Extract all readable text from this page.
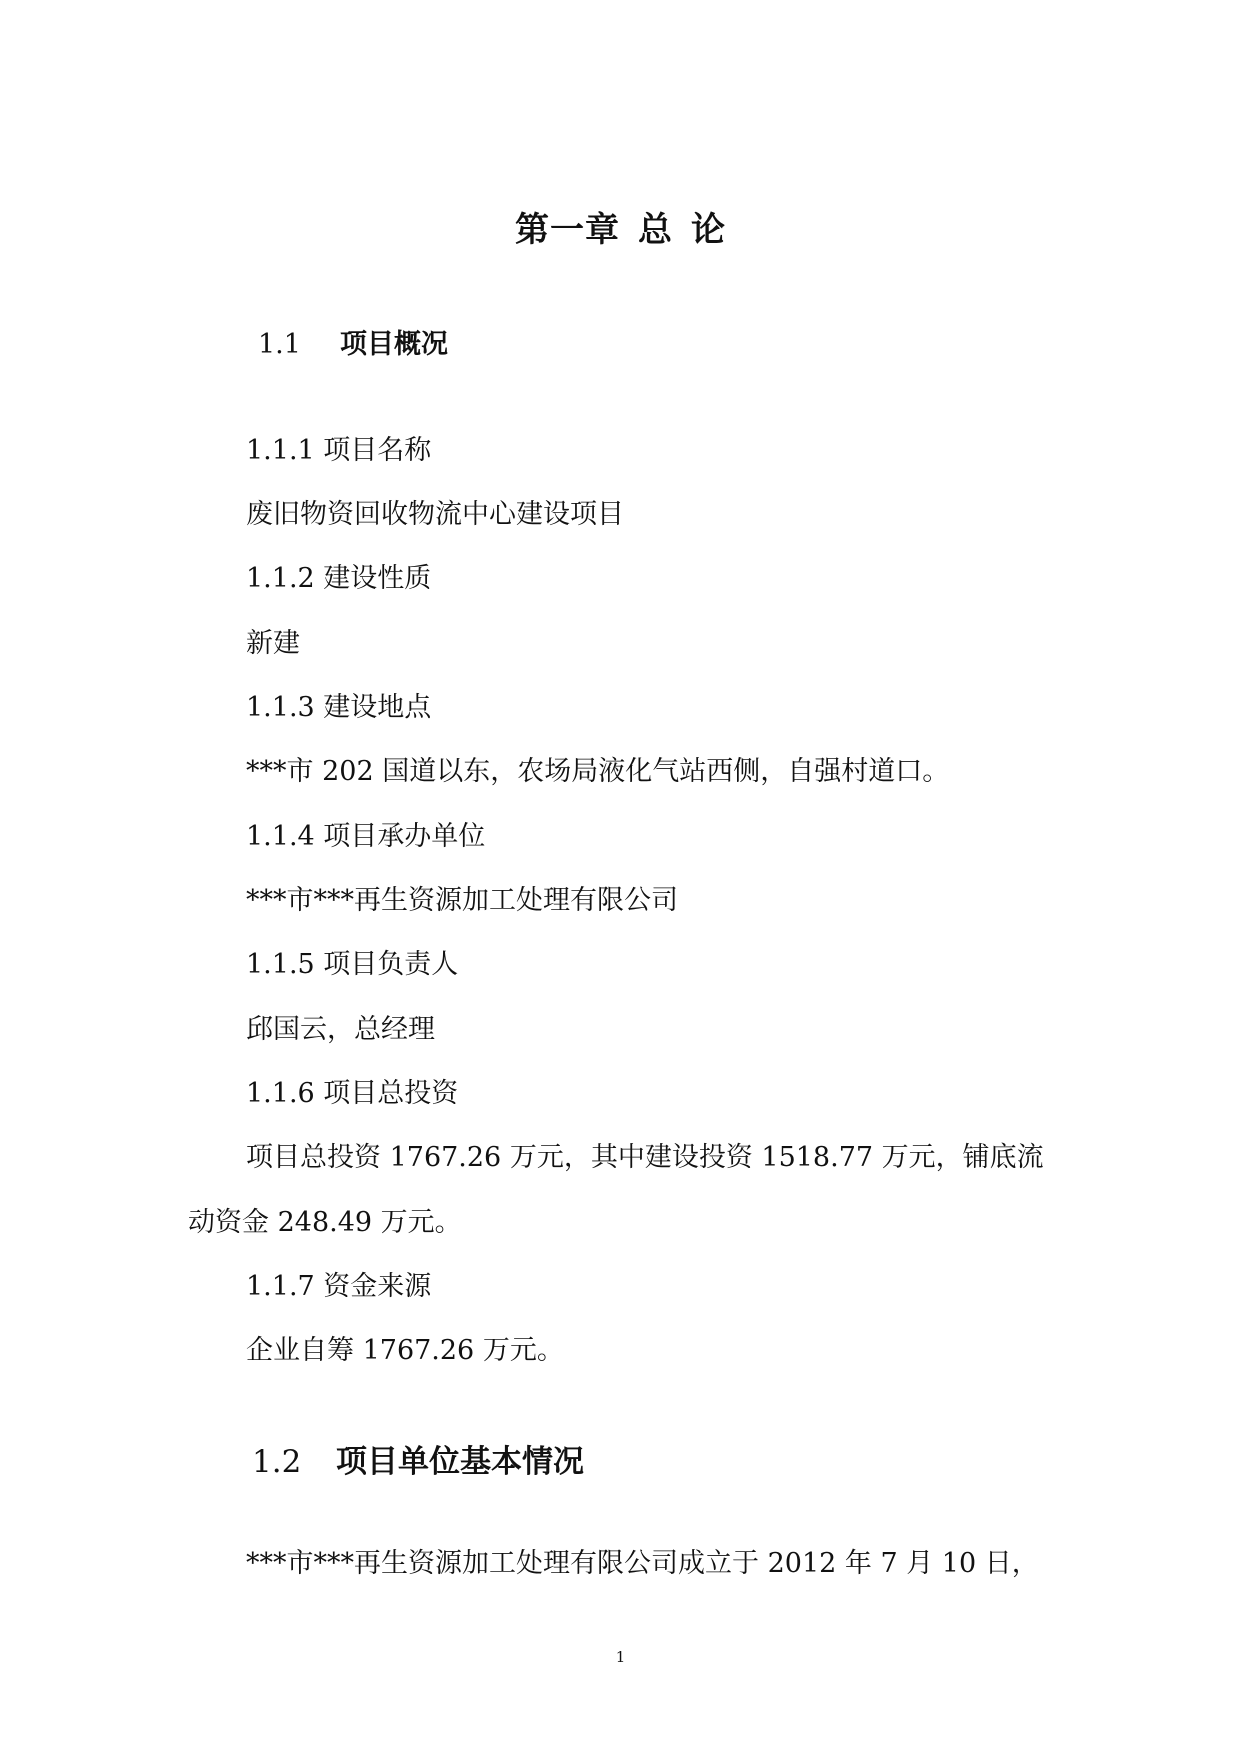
第一章 总 论
1.1 项目概况

1.1.1 项目名称

废旧物资回收物流中心建设项目

1.1.2 建设性质

新建

1.1.3 建设地点

***市 202 国道以东，农场局液化气站西侧，自强村道口。

1.1.4 项目承办单位

***市***再生资源加工处理有限公司

1.1.5 项目负责人

邱国云，总经理

1.1.6 项目总投资

项目总投资 1767.26 万元，其中建设投资 1518.77 万元，铺底流

动资金 248.49 万元。

1.1.7 资金来源

企业自筹 1767.26 万元。

1.2 项目单位基本情况

***市***再生资源加工处理有限公司成立于 2012 年 7 月 10 日，

1
